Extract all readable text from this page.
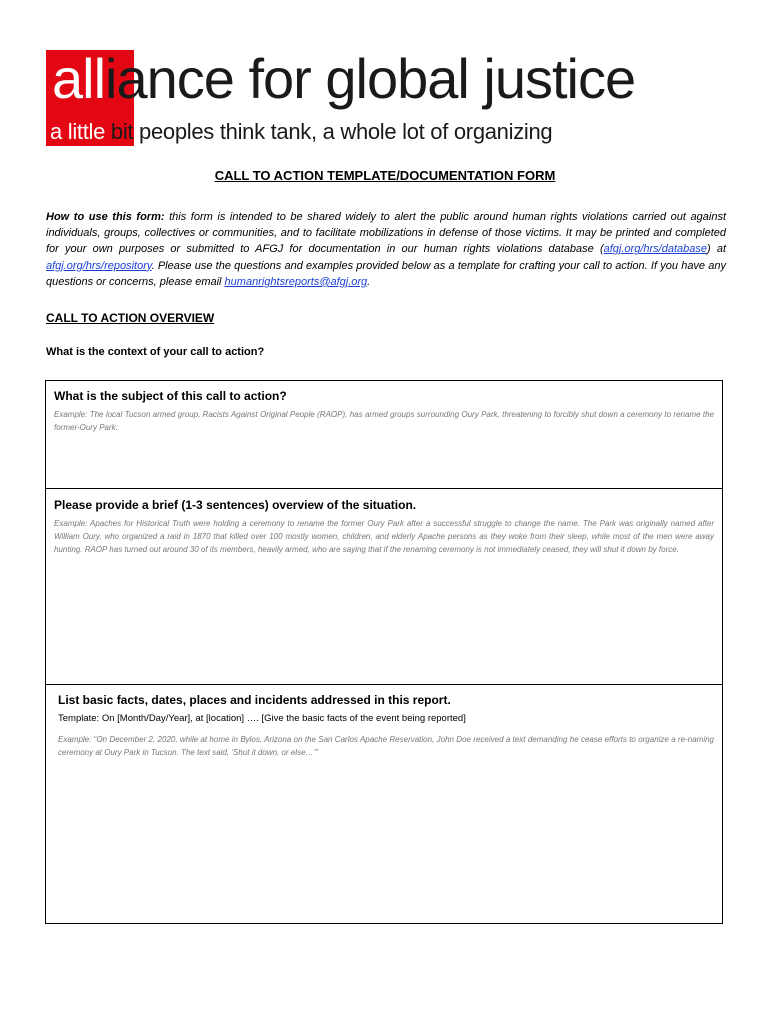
alliance for global justice
a little bit peoples think tank, a whole lot of organizing
CALL TO ACTION TEMPLATE/DOCUMENTATION FORM
How to use this form: this form is intended to be shared widely to alert the public around human rights violations carried out against individuals, groups, collectives or communities, and to facilitate mobilizations in defense of those victims. It may be printed and completed for your own purposes or submitted to AFGJ for documentation in our human rights violations database (afgj.org/hrs/database) at afgj.org/hrs/repository. Please use the questions and examples provided below as a template for crafting your call to action. If you have any questions or concerns, please email humanrightsreports@afgj.org.
CALL TO ACTION OVERVIEW
What is the context of your call to action?
What is the subject of this call to action?
Example: The local Tucson armed group, Racists Against Original People (RAOP), has armed groups surrounding Oury Park, threatening to forcibly shut down a ceremony to rename the former-Oury Park.
Please provide a brief (1-3 sentences) overview of the situation.
Example: Apaches for Historical Truth were holding a ceremony to rename the former Oury Park after a successful struggle to change the name. The Park was originally named after William Oury, who organized a raid in 1870 that killed over 100 mostly women, children, and elderly Apache persons as they woke from their sleep, while most of the men were away hunting. RAOP has turned out around 30 of its members, heavily armed, who are saying that if the renaming ceremony is not immediately ceased, they will shut it down by force.
List basic facts, dates, places and incidents addressed in this report.
Template: On [Month/Day/Year], at [location] …. [Give the basic facts of the event being reported]
Example: “On December 2, 2020, while at home in Bylos, Arizona on the San Carlos Apache Reservation, John Doe received a text demanding he cease efforts to organize a re-naming ceremony at Oury Park in Tucson. The text said, ‘Shut it down, or else…’”
